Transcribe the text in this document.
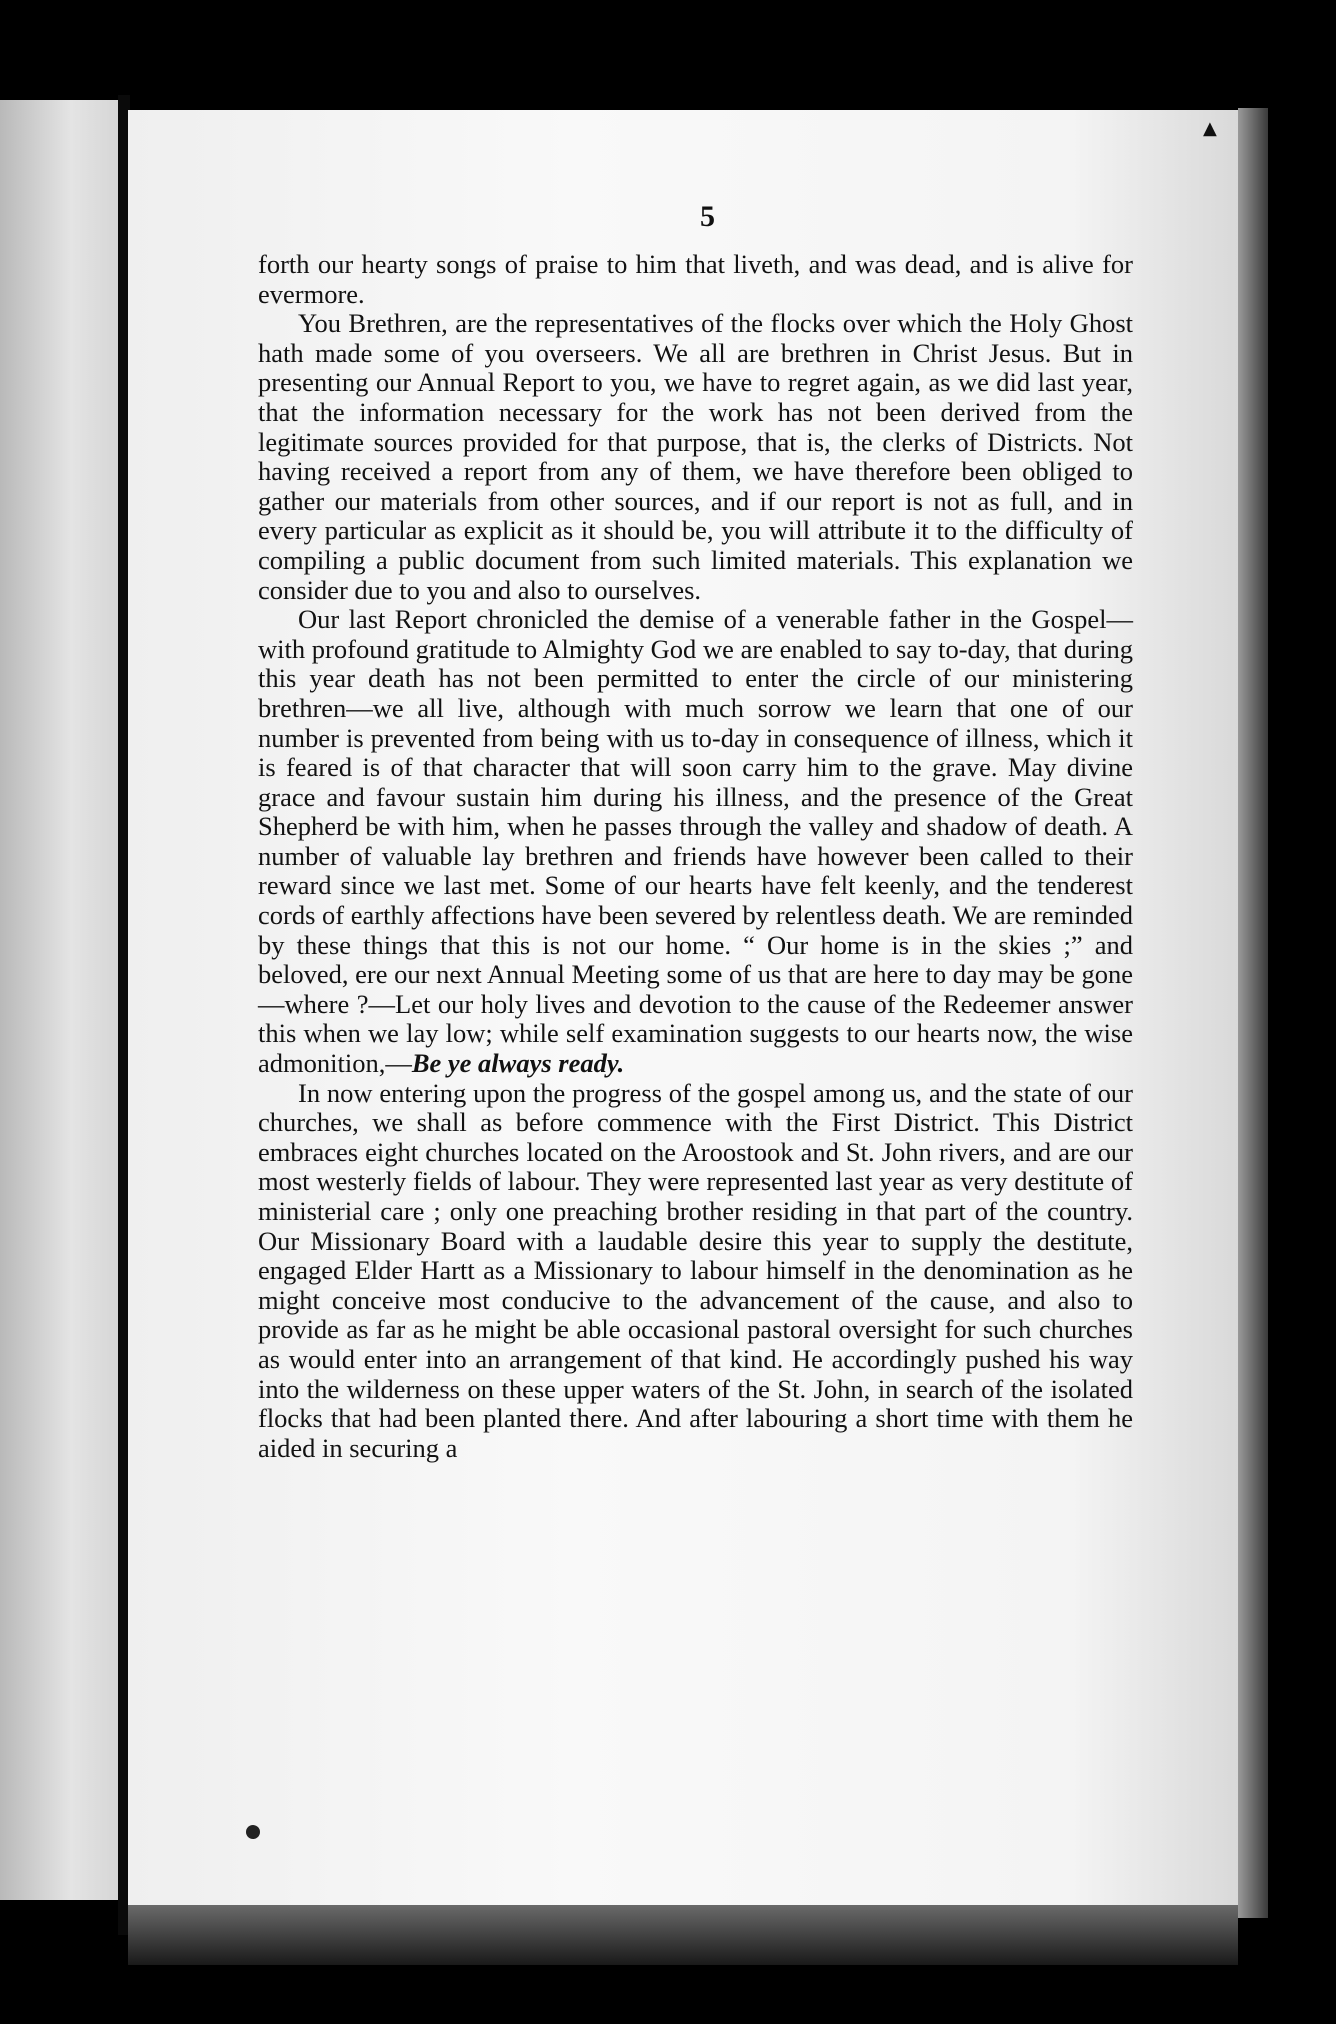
▲
5

forth our hearty songs of praise to him that liveth, and was dead, and is alive for evermore.

You Brethren, are the representatives of the flocks over which the Holy Ghost hath made some of you overseers. We all are brethren in Christ Jesus. But in presenting our Annual Report to you, we have to regret again, as we did last year, that the information necessary for the work has not been derived from the legitimate sources provided for that purpose, that is, the clerks of Districts. Not having received a report from any of them, we have therefore been obliged to gather our materials from other sources, and if our report is not as full, and in every particular as explicit as it should be, you will attribute it to the difficulty of compiling a public document from such limited materials. This explanation we consider due to you and also to ourselves.

Our last Report chronicled the demise of a venerable father in the Gospel—with profound gratitude to Almighty God we are enabled to say to-day, that during this year death has not been permitted to enter the circle of our ministering brethren—we all live, although with much sorrow we learn that one of our number is prevented from being with us to-day in consequence of illness, which it is feared is of that character that will soon carry him to the grave. May divine grace and favour sustain him during his illness, and the presence of the Great Shepherd be with him, when he passes through the valley and shadow of death. A number of valuable lay brethren and friends have however been called to their reward since we last met. Some of our hearts have felt keenly, and the tenderest cords of earthly affections have been severed by relentless death. We are reminded by these things that this is not our home. “ Our home is in the skies ;” and beloved, ere our next Annual Meeting some of us that are here to day may be gone—where ?—Let our holy lives and devotion to the cause of the Redeemer answer this when we lay low; while self examination suggests to our hearts now, the wise admonition,—Be ye always ready.

In now entering upon the progress of the gospel among us, and the state of our churches, we shall as before commence with the First District. This District embraces eight churches located on the Aroostook and St. John rivers, and are our most westerly fields of labour. They were represented last year as very destitute of ministerial care ; only one preaching brother residing in that part of the country. Our Missionary Board with a laudable desire this year to supply the destitute, engaged Elder Hartt as a Missionary to labour himself in the denomination as he might conceive most conducive to the advancement of the cause, and also to provide as far as he might be able occasional pastoral oversight for such churches as would enter into an arrangement of that kind. He accordingly pushed his way into the wilderness on these upper waters of the St. John, in search of the isolated flocks that had been planted there. And after labouring a short time with them he aided in securing a
